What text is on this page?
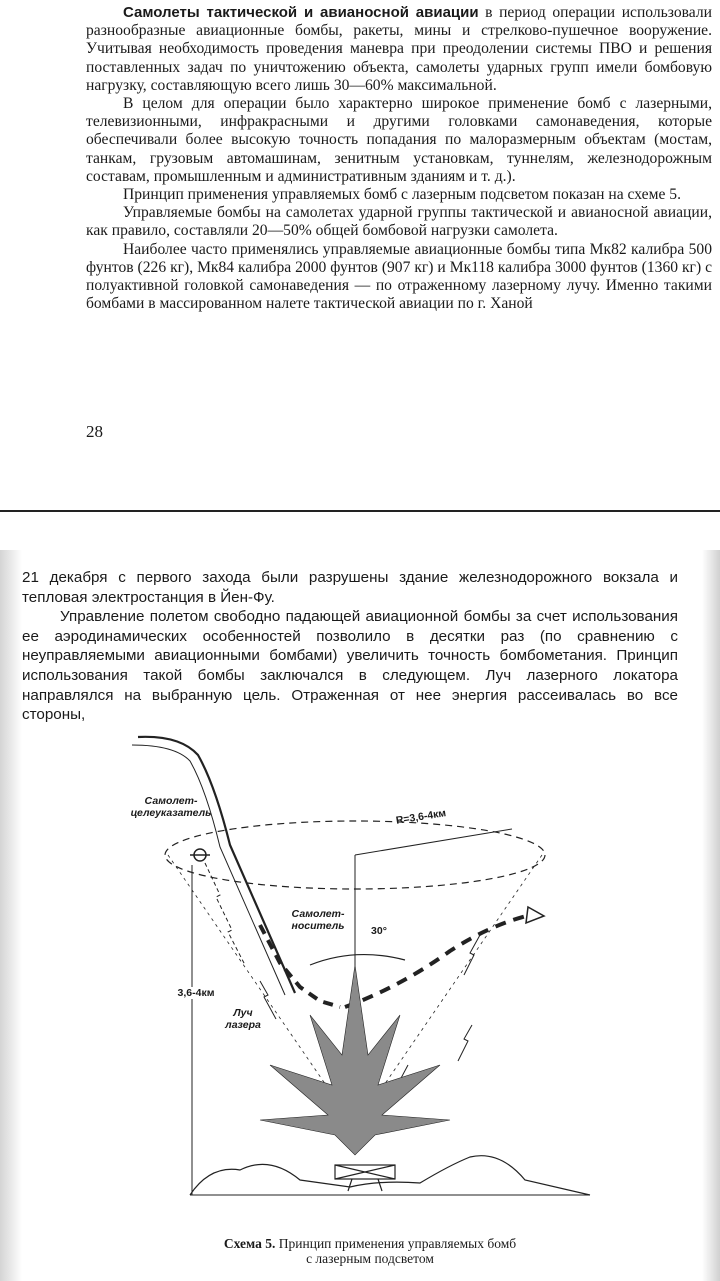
Самолеты тактической и авианосной авиации в период операции использовали разнообразные авиационные бомбы, ракеты, мины и стрелково-пушечное вооружение. Учитывая необходимость проведения маневра при преодолении системы ПВО и решения поставленных задач по уничтожению объекта, самолеты ударных групп имели бомбовую нагрузку, составляющую всего лишь 30—60% максимальной.

В целом для операции было характерно широкое применение бомб с лазерными, телевизионными, инфракрасными и другими головками самонаведения, которые обеспечивали более высокую точность попадания по малоразмерным объектам (мостам, танкам, грузовым автомашинам, зенитным установкам, туннелям, железнодорожным составам, промышленным и административным зданиям и т. д.).

Принцип применения управляемых бомб с лазерным подсветом показан на схеме 5.

Управляемые бомбы на самолетах ударной группы тактической и авианосной авиации, как правило, составляли 20—50% общей бомбовой нагрузки самолета.

Наиболее часто применялись управляемые авиационные бомбы типа Мк82 калибра 500 фунтов (226 кг), Мк84 калибра 2000 фунтов (907 кг) и Мк118 калибра 3000 фунтов (1360 кг) с полуактивной головкой самонаведения — по отраженному лазерному лучу. Именно такими бомбами в массированном налете тактической авиации по г. Ханой

28

21 декабря с первого захода были разрушены здание железнодорожного вокзала и тепловая электростанция в Йен-Фу.

Управление полетом свободно падающей авиационной бомбы за счет использования ее аэродинамических особенностей позволило в десятки раз (по сравнению с неуправляемыми авиационными бомбами) увеличить точность бомбометания. Принцип использования такой бомбы заключался в следующем. Луч лазерного локатора направлялся на выбранную цель. Отраженная от нее энергия рассеивалась во все стороны,

Самолет-
целеуказатель
Самолет-
носитель
R=3,6-4км
30°
3,6-4км
Луч
лазера
Схема 5. Принцип применения управляемых бомб
с лазерным подсветом
